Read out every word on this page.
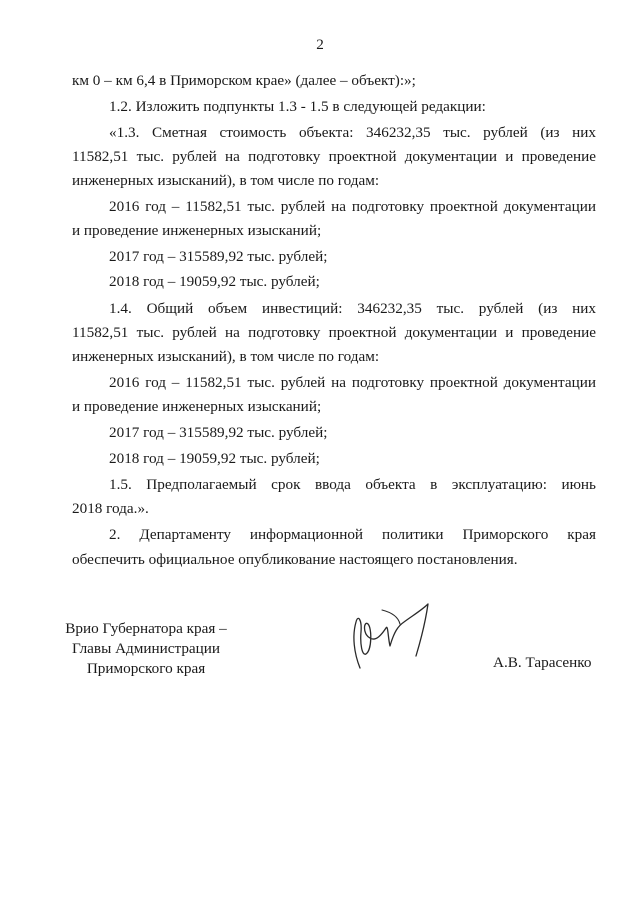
2
км 0 – км 6,4 в Приморском крае» (далее – объект):»;
1.2. Изложить подпункты 1.3 - 1.5 в следующей редакции:
«1.3. Сметная стоимость объекта: 346232,35 тыс. рублей (из них
11582,51 тыс. рублей на подготовку проектной документации и проведение
инженерных изысканий), в том числе по годам:
2016 год – 11582,51 тыс. рублей на подготовку проектной документации
и проведение инженерных изысканий;
2017 год – 315589,92 тыс. рублей;
2018 год – 19059,92 тыс. рублей;
1.4. Общий объем инвестиций: 346232,35 тыс. рублей (из них
11582,51 тыс. рублей на подготовку проектной документации и проведение
инженерных изысканий), в том числе по годам:
2016 год – 11582,51 тыс. рублей на подготовку проектной документации
и проведение инженерных изысканий;
2017 год – 315589,92 тыс. рублей;
2018 год – 19059,92 тыс. рублей;
1.5. Предполагаемый срок ввода объекта в эксплуатацию: июнь
2018 года.».
2. Департаменту информационной политики Приморского края
обеспечить официальное опубликование настоящего постановления.
Врио Губернатора края –
Главы Администрации
Приморского края	А.В. Тарасенко
